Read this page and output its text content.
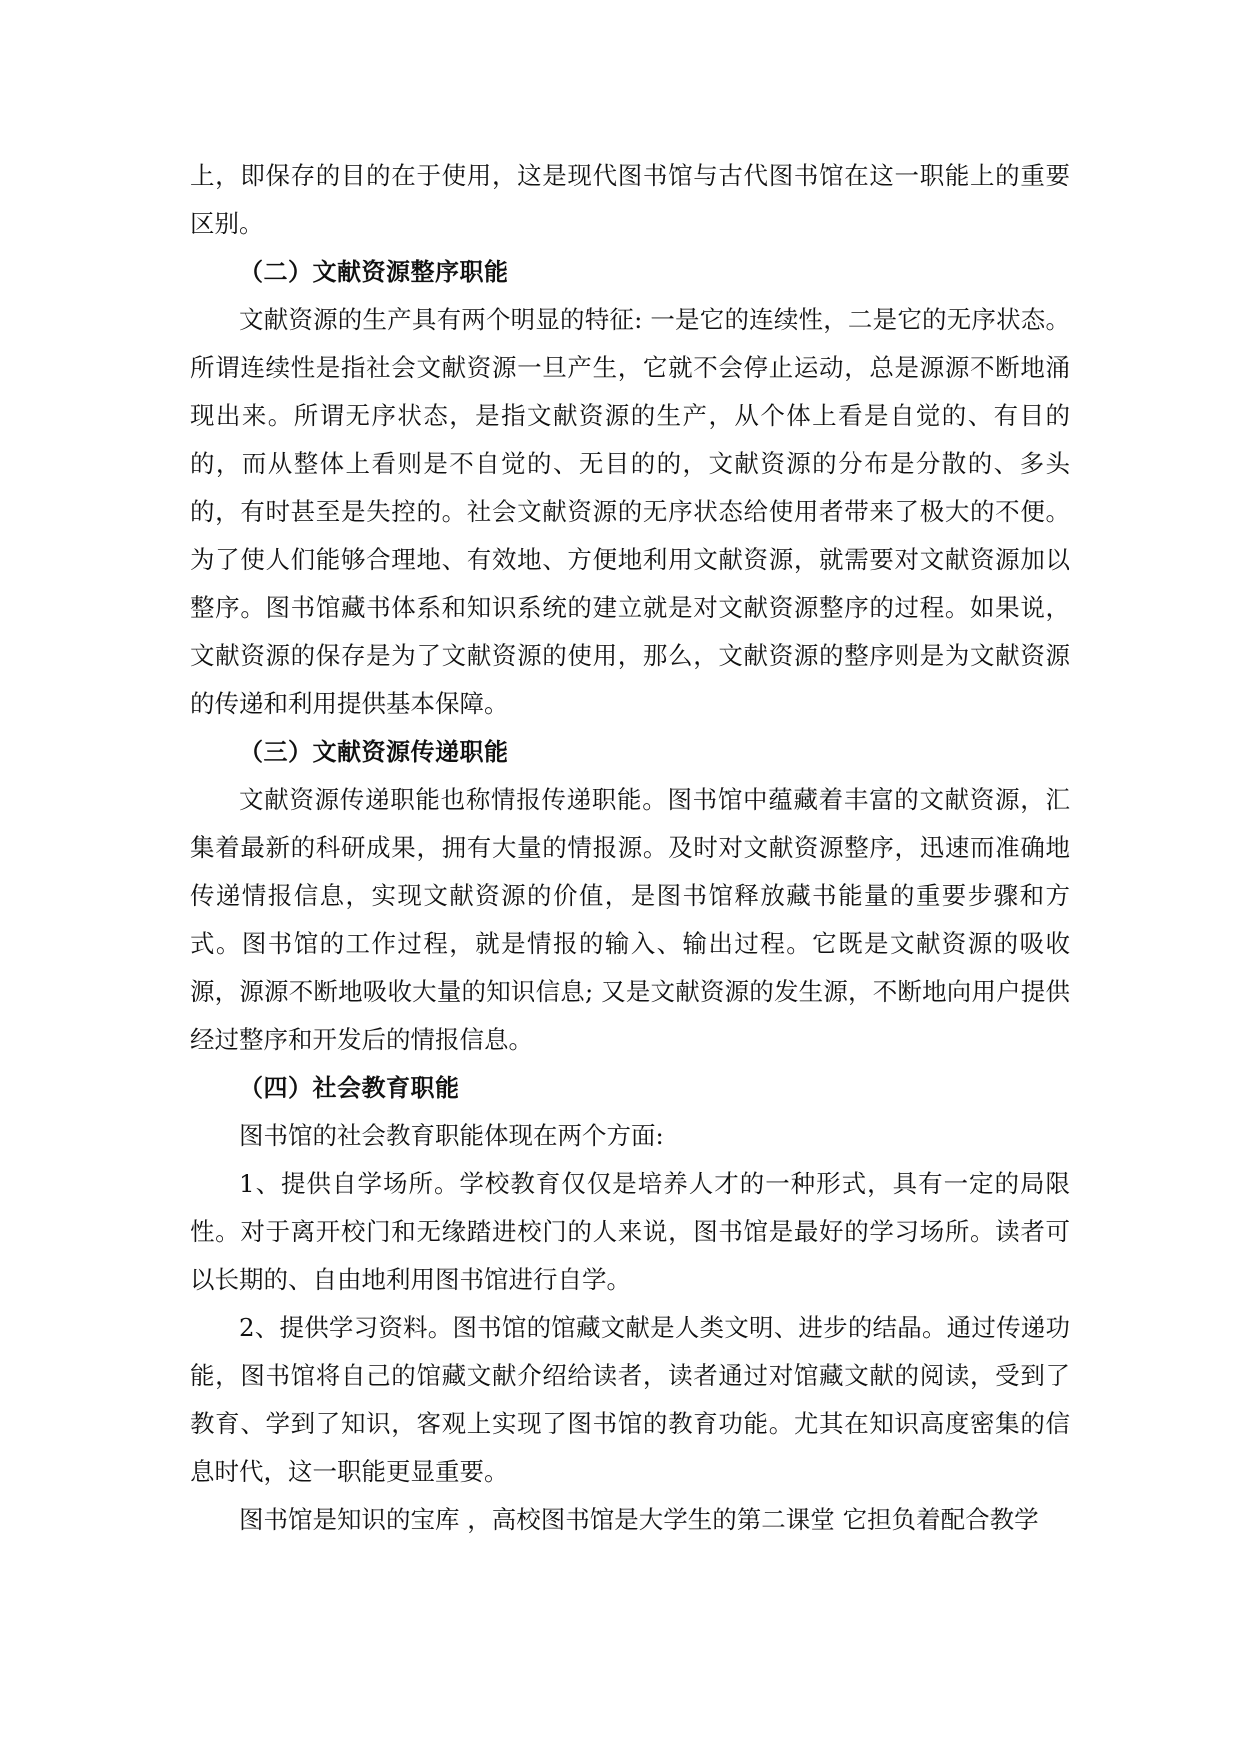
上，即保存的目的在于使用，这是现代图书馆与古代图书馆在这一职能上的重要区别。

（二）文献资源整序职能

文献资源的生产具有两个明显的特征: 一是它的连续性，二是它的无序状态。所谓连续性是指社会文献资源一旦产生，它就不会停止运动，总是源源不断地涌现出来。所谓无序状态，是指文献资源的生产，从个体上看是自觉的、有目的的，而从整体上看则是不自觉的、无目的的，文献资源的分布是分散的、多头的，有时甚至是失控的。社会文献资源的无序状态给使用者带来了极大的不便。为了使人们能够合理地、有效地、方便地利用文献资源，就需要对文献资源加以整序。图书馆藏书体系和知识系统的建立就是对文献资源整序的过程。如果说，文献资源的保存是为了文献资源的使用，那么，文献资源的整序则是为文献资源的传递和利用提供基本保障。

（三）文献资源传递职能

文献资源传递职能也称情报传递职能。图书馆中蕴藏着丰富的文献资源，汇集着最新的科研成果，拥有大量的情报源。及时对文献资源整序，迅速而准确地传递情报信息，实现文献资源的价值，是图书馆释放藏书能量的重要步骤和方式。图书馆的工作过程，就是情报的输入、输出过程。它既是文献资源的吸收源，源源不断地吸收大量的知识信息; 又是文献资源的发生源，不断地向用户提供经过整序和开发后的情报信息。

（四）社会教育职能

图书馆的社会教育职能体现在两个方面:

1、提供自学场所。学校教育仅仅是培养人才的一种形式，具有一定的局限性。对于离开校门和无缘踏进校门的人来说，图书馆是最好的学习场所。读者可以长期的、自由地利用图书馆进行自学。

2、提供学习资料。图书馆的馆藏文献是人类文明、进步的结晶。通过传递功能，图书馆将自己的馆藏文献介绍给读者，读者通过对馆藏文献的阅读，受到了教育、学到了知识，客观上实现了图书馆的教育功能。尤其在知识高度密集的信息时代，这一职能更显重要。

图书馆是知识的宝库 ，高校图书馆是大学生的第二课堂 它担负着配合教学
